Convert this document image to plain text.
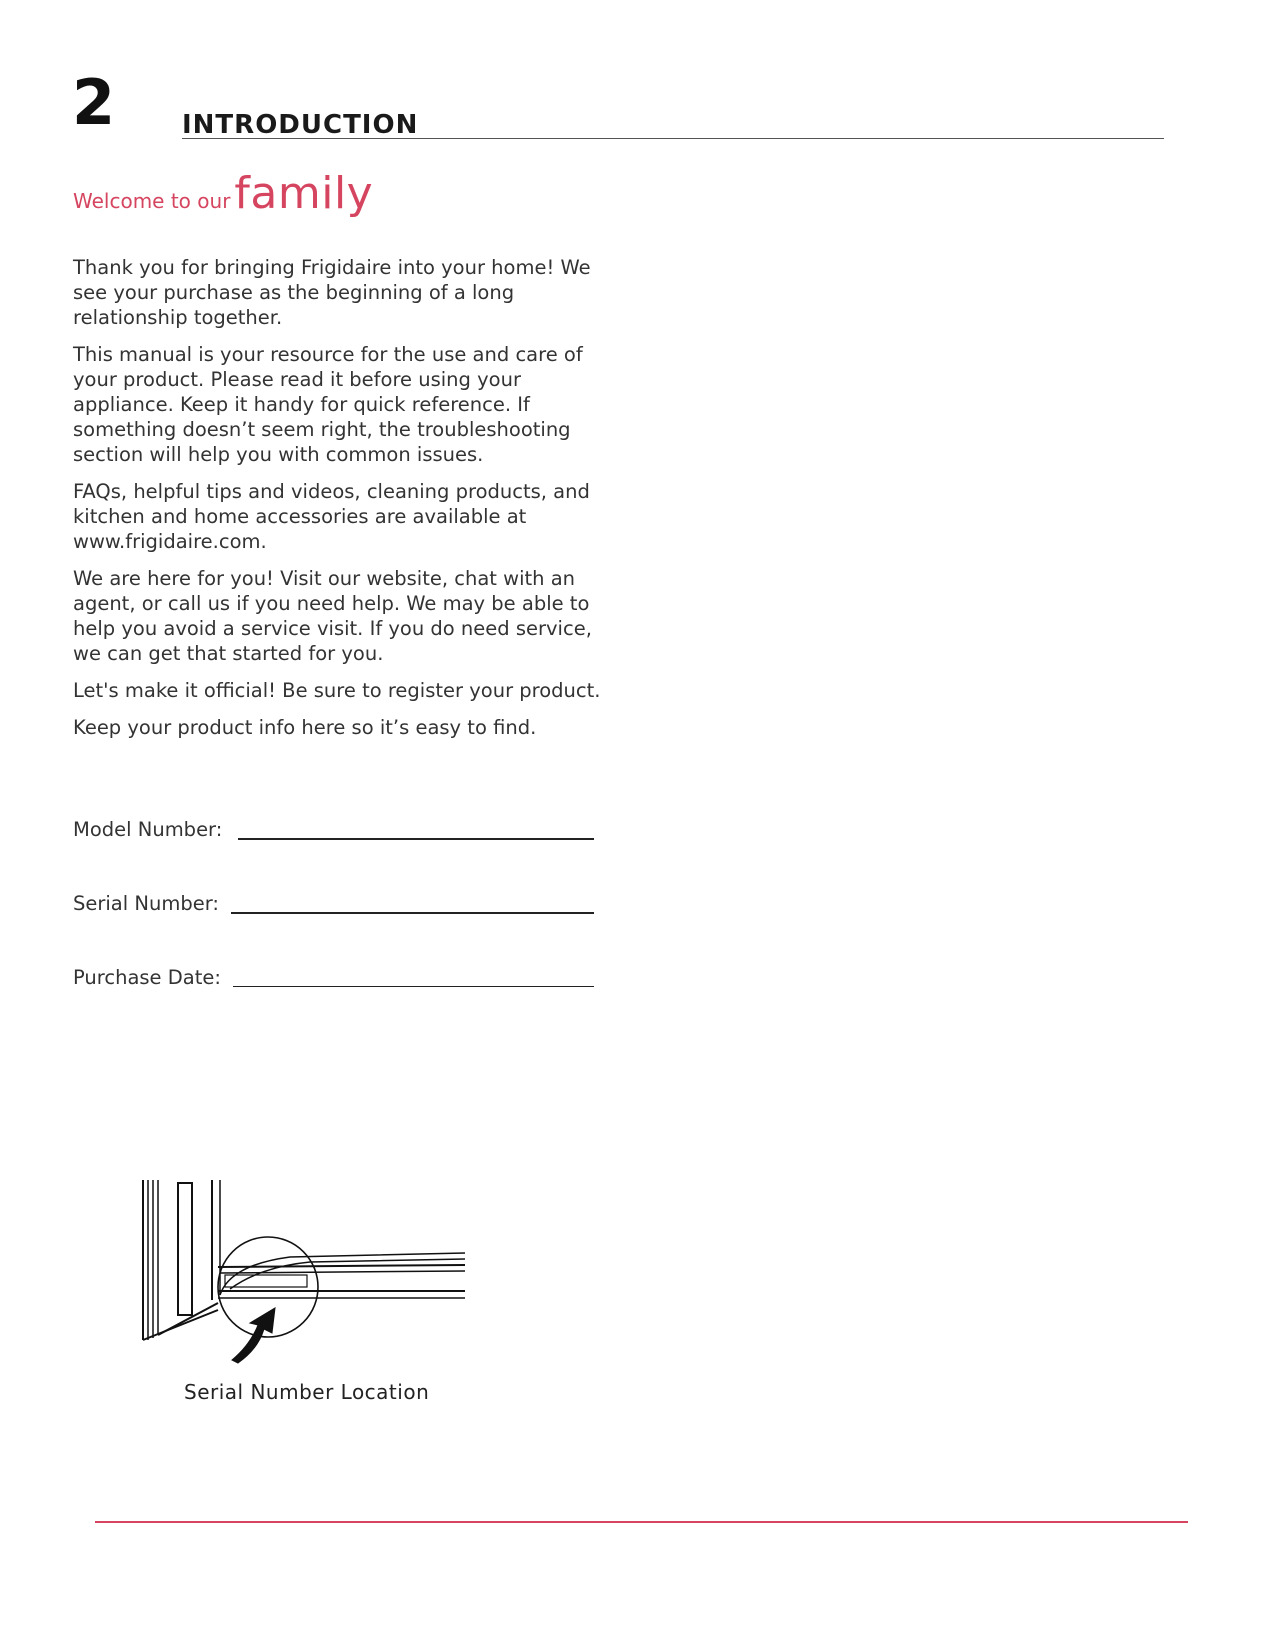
2	INTRODUCTION
Welcome to ourfamily

Thank you for bringing Frigidaire into your home! We see your purchase as the beginning of a long relationship together.

This manual is your resource for the use and care of your product. Please read it before using your appliance. Keep it handy for quick reference. If something doesn’t seem right, the troubleshooting section will help you with common issues.

FAQs, helpful tips and videos, cleaning products, and kitchen and home accessories are available at www.frigidaire.com.

We are here for you! Visit our website, chat with an agent, or call us if you need help. We may be able to help you avoid a service visit. If you do need service, we can get that started for you.

Let's make it official! Be sure to register your product.

Keep your product info here so it’s easy to find.

Model Number:
Serial Number:
Purchase Date:
Serial Number Location
